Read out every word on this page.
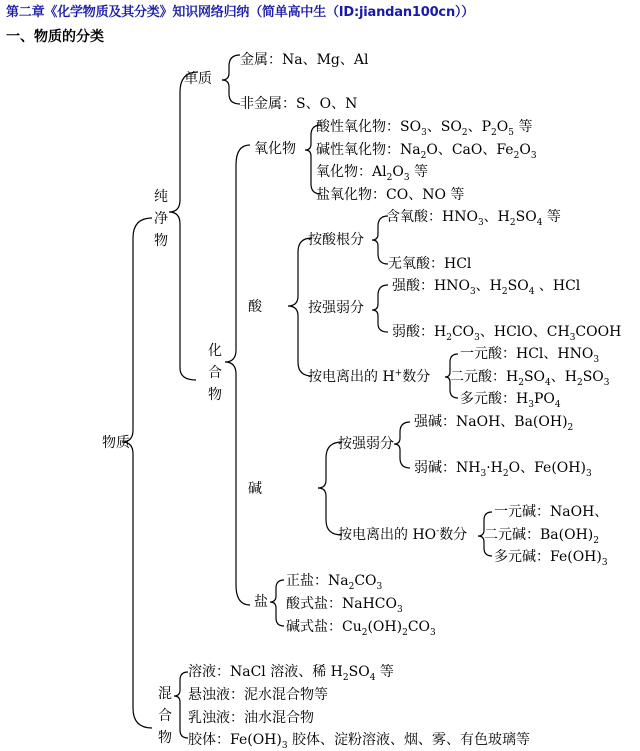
第二章《化学物质及其分类》知识网络归纳（简单高中生（ID:jiandan100cn））
一、物质的分类
物质
纯净物
化合物
混合物
单质
金属：Na、Mg、Al
非金属：S、O、N
氧化物
酸性氧化物：$SO_3$、$SO_2$、$P_2O_5$ 等
碱性氧化物：$Na_2O$、CaO、$Fe_2O_3$
氧化物：$Al_2O_3$ 等
盐氧化物：CO、NO 等
酸
按酸根分
含氧酸：$HNO_3$、$H_2SO_4$ 等
无氧酸：HCl
按强弱分
强酸：$HNO_3$、$H_2SO_4$ 、HCl
弱酸：$H_2CO_3$、HClO、$CH_3COOH$
按电离出的 H+数分
一元酸：HCl、$HNO_3$
二元酸：$H_2SO_4$、$H_2SO_3$
多元酸：$H_3PO_4$
碱
按强弱分
强碱：NaOH、$Ba(OH)_2$
弱碱：$NH_3\cdot H_2O$、$Fe(OH)_3$
按电离出的 HO-数分
一元碱：NaOH、
二元碱：$Ba(OH)_2$
多元碱：$Fe(OH)_3$
盐
正盐：$Na_2CO_3$
酸式盐：NaHCO$_3$
碱式盐：$Cu_2(OH)_2CO_3$
溶液：NaCl 溶液、稀 $H_2SO_4$ 等
悬浊液：泥水混合物等
乳浊液：油水混合物
胶体：$Fe(OH)_3$ 胶体、淀粉溶液、烟、雾、有色玻璃等
